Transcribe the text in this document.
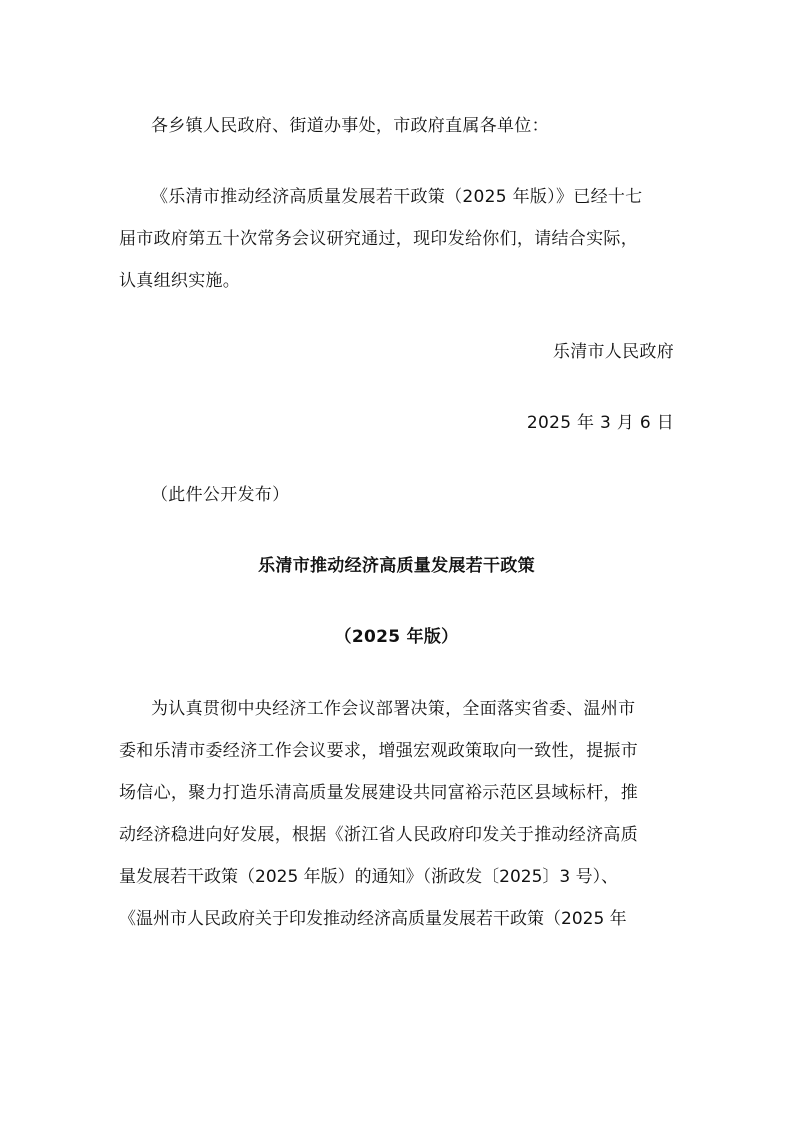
各乡镇人民政府、街道办事处，市政府直属各单位：
《乐清市推动经济高质量发展若干政策（2025 年版）》已经十七
届市政府第五十次常务会议研究通过，现印发给你们，请结合实际，
认真组织实施。
乐清市人民政府
2025 年 3 月 6 日
（此件公开发布）
乐清市推动经济高质量发展若干政策
（2025 年版）
为认真贯彻中央经济工作会议部署决策，全面落实省委、温州市
委和乐清市委经济工作会议要求，增强宏观政策取向一致性，提振市
场信心，聚力打造乐清高质量发展建设共同富裕示范区县域标杆，推
动经济稳进向好发展，根据《浙江省人民政府印发关于推动经济高质
量发展若干政策（2025 年版）的通知》（浙政发〔2025〕3 号）、
《温州市人民政府关于印发推动经济高质量发展若干政策（2025 年
